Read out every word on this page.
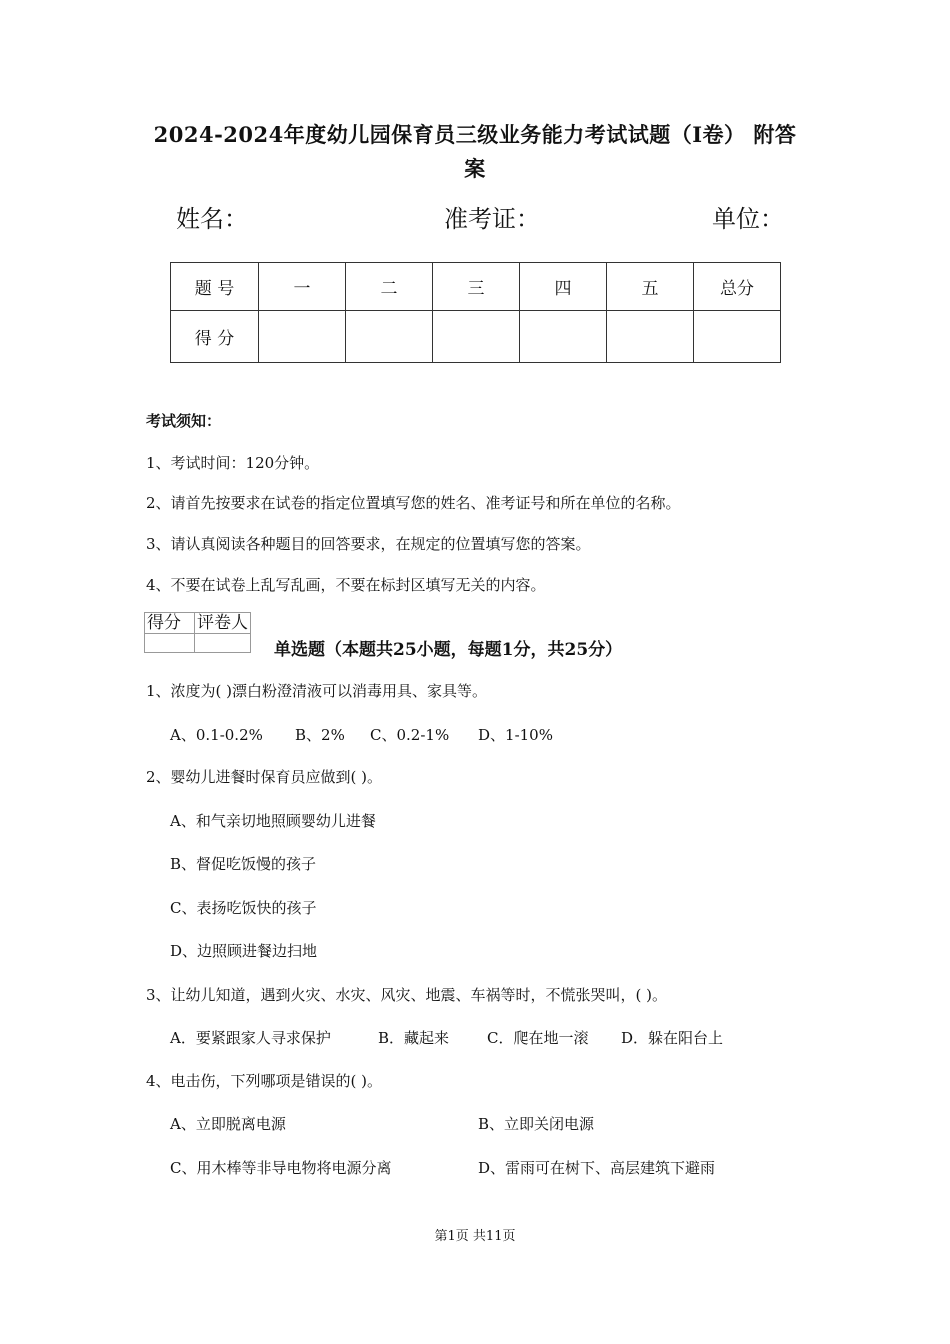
2024-2024年度幼儿园保育员三级业务能力考试试题（I卷） 附答
案
姓名：	准考证：	单位：
题 号	一	二	三	四	五	总分
得 分						
考试须知：
1、考试时间：120分钟。
2、请首先按要求在试卷的指定位置填写您的姓名、准考证号和所在单位的名称。
3、请认真阅读各种题目的回答要求，在规定的位置填写您的答案。
4、不要在试卷上乱写乱画，不要在标封区填写无关的内容。
得分	评卷人

单选题（本题共25小题，每题1分，共25分）
1、浓度为( )漂白粉澄清液可以消毒用具、家具等。
A、0.1-0.2% B、2% C、0.2-1% D、1-10%
2、婴幼儿进餐时保育员应做到( )。
A、和气亲切地照顾婴幼儿进餐
B、督促吃饭慢的孩子
C、表扬吃饭快的孩子
D、边照顾进餐边扫地
3、让幼儿知道，遇到火灾、水灾、风灾、地震、车祸等时，不慌张哭叫，( )。
A．要紧跟家人寻求保护	B．藏起来	C．爬在地一滚 D．躲在阳台上
4、电击伤，下列哪项是错误的( )。
A、立即脱离电源	B、立即关闭电源
C、用木棒等非导电物将电源分离	D、雷雨可在树下、高层建筑下避雨
第1页 共11页
